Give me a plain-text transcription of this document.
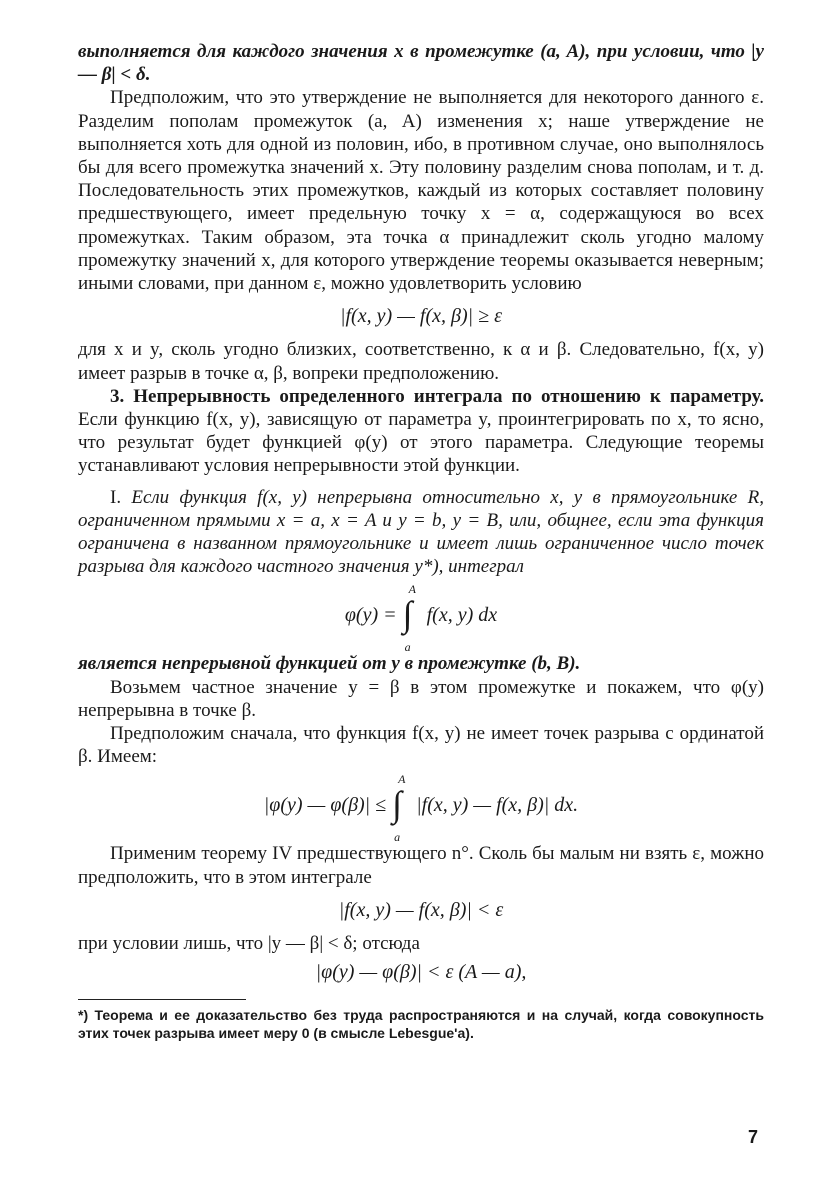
выполняется для каждого значения x в промежутке (a, A), при условии, что |y — β| < δ.

Предположим, что это утверждение не выполняется для некоторого данного ε. Разделим пополам промежуток (a, A) изменения x; наше утверждение не выполняется хоть для одной из половин, ибо, в противном случае, оно выполнялось бы для всего промежутка значений x. Эту половину разделим снова пополам, и т. д. Последовательность этих промежутков, каждый из которых составляет половину предшествующего, имеет предельную точку x = α, содержащуюся во всех промежутках. Таким образом, эта точка α принадлежит сколь угодно малому промежутку значений x, для которого утверждение теоремы оказывается неверным; иными словами, при данном ε, можно удовлетворить условию

|f(x, y) — f(x, β)| ≥ ε

для x и y, сколь угодно близких, соответственно, к α и β. Следовательно, f(x, y) имеет разрыв в точке α, β, вопреки предположению.

3. Непрерывность определенного интеграла по отношению к параметру. Если функцию f(x, y), зависящую от параметра y, проинтегрировать по x, то ясно, что результат будет функцией φ(y) от этого параметра. Следующие теоремы устанавливают условия непрерывности этой функции.

I. Если функция f(x, y) непрерывна относительно x, y в прямоугольнике R, ограниченном прямыми x = a, x = A и y = b, y = B, или, общнее, если эта функция ограничена в названном прямоугольнике и имеет лишь ограниченное число точек разрыва для каждого частного значения y*), интеграл

φ(y) =
A
∫
a
f(x, y) dx

является непрерывной функцией от y в промежутке (b, B).

Возьмем частное значение y = β в этом промежутке и покажем, что φ(y) непрерывна в точке β.

Предположим сначала, что функция f(x, y) не имеет точек разрыва с ординатой β. Имеем:

|φ(y) — φ(β)| ≤
A
∫
a
|f(x, y) — f(x, β)| dx.

Применим теорему IV предшествующего n°. Сколь бы малым ни взять ε, можно предположить, что в этом интеграле

|f(x, y) — f(x, β)| < ε

при условии лишь, что |y — β| < δ; отсюда

|φ(y) — φ(β)| < ε (A — a),

*) Теорема и ее доказательство без труда распространяются и на случай, когда совокупность этих точек разрыва имеет меру 0 (в смысле Lebesgue'а).

7
